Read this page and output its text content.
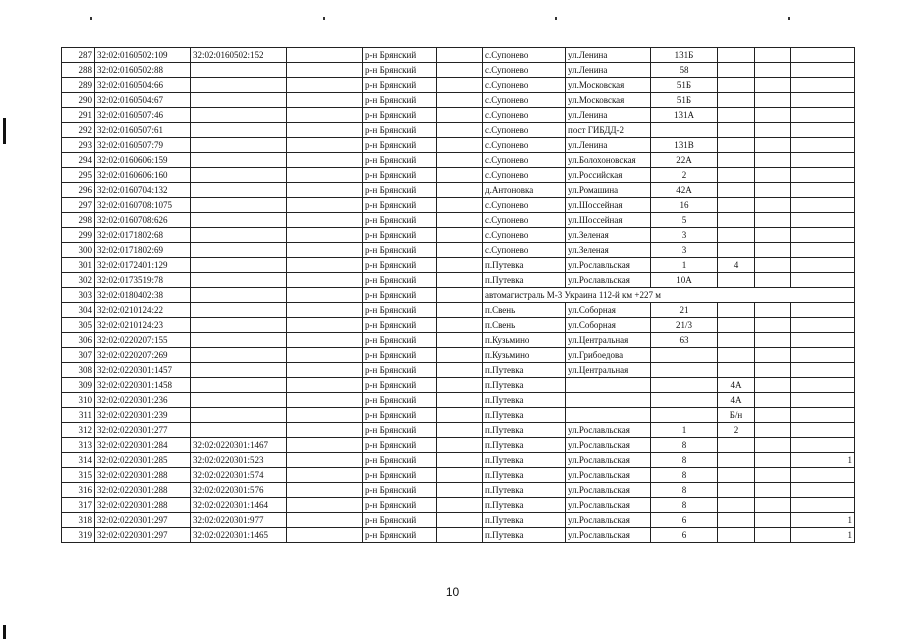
287	32:02:0160502:109	32:02:0160502:152		р-н Брянский		с.Супонево	ул.Ленина	131Б			
288	32:02:0160502:88			р-н Брянский		с.Супонево	ул.Ленина	58			
289	32:02:0160504:66			р-н Брянский		с.Супонево	ул.Московская	51Б			
290	32:02:0160504:67			р-н Брянский		с.Супонево	ул.Московская	51Б			
291	32:02:0160507:46			р-н Брянский		с.Супонево	ул.Ленина	131А			
292	32:02:0160507:61			р-н Брянский		с.Супонево	пост ГИБДД-2				
293	32:02:0160507:79			р-н Брянский		с.Супонево	ул.Ленина	131В			
294	32:02:0160606:159			р-н Брянский		с.Супонево	ул.Болохоновская	22А			
295	32:02:0160606:160			р-н Брянский		с.Супонево	ул.Российская	2			
296	32:02:0160704:132			р-н Брянский		д.Антоновка	ул.Ромашина	42А			
297	32:02:0160708:1075			р-н Брянский		с.Супонево	ул.Шоссейная	16			
298	32:02:0160708:626			р-н Брянский		с.Супонево	ул.Шоссейная	5			
299	32:02:0171802:68			р-н Брянский		с.Супонево	ул.Зеленая	3			
300	32:02:0171802:69			р-н Брянский		с.Супонево	ул.Зеленая	3			
301	32:02:0172401:129			р-н Брянский		п.Путевка	ул.Рославльская	1	4		
302	32:02:0173519:78			р-н Брянский		п.Путевка	ул.Рославльская	10А			
303	32:02:0180402:38			р-н Брянский		автомагистраль М-3 Украина 112-й км +227 м					
304	32:02:0210124:22			р-н Брянский		п.Свень	ул.Соборная	21			
305	32:02:0210124:23			р-н Брянский		п.Свень	ул.Соборная	21/3			
306	32:02:0220207:155			р-н Брянский		п.Кузьмино	ул.Центральная	63			
307	32:02:0220207:269			р-н Брянский		п.Кузьмино	ул.Грибоедова				
308	32:02:0220301:1457			р-н Брянский		п.Путевка	ул.Центральная				
309	32:02:0220301:1458			р-н Брянский		п.Путевка			4А		
310	32:02:0220301:236			р-н Брянский		п.Путевка			4А		
311	32:02:0220301:239			р-н Брянский		п.Путевка			Б/н		
312	32:02:0220301:277			р-н Брянский		п.Путевка	ул.Рославльская	1	2		
313	32:02:0220301:284	32:02:0220301:1467		р-н Брянский		п.Путевка	ул.Рославльская	8			
314	32:02:0220301:285	32:02:0220301:523		р-н Брянский		п.Путевка	ул.Рославльская	8			1
315	32:02:0220301:288	32:02:0220301:574		р-н Брянский		п.Путевка	ул.Рославльская	8			
316	32:02:0220301:288	32:02:0220301:576		р-н Брянский		п.Путевка	ул.Рославльская	8			
317	32:02:0220301:288	32:02:0220301:1464		р-н Брянский		п.Путевка	ул.Рославльская	8			
318	32:02:0220301:297	32:02:0220301:977		р-н Брянский		п.Путевка	ул.Рославльская	6			1
319	32:02:0220301:297	32:02:0220301:1465		р-н Брянский		п.Путевка	ул.Рославльская	6			1
10
